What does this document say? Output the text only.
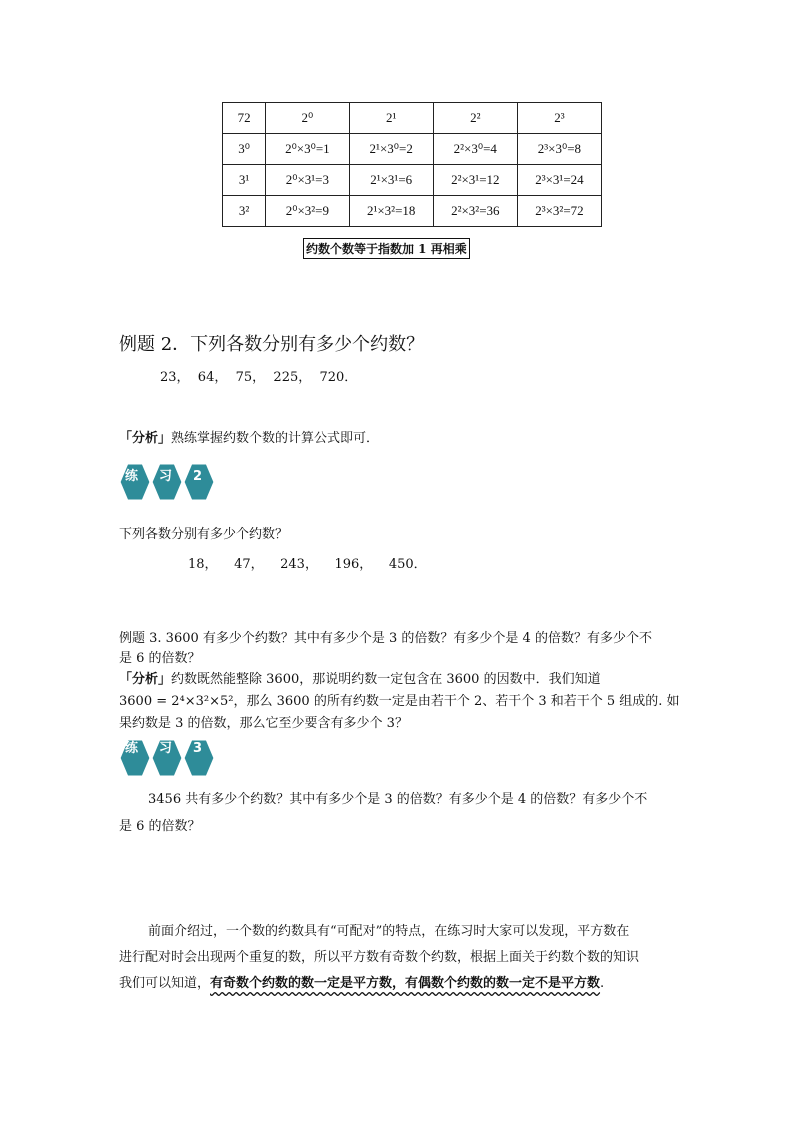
72	2⁰	2¹	2²	2³
3⁰	2⁰×3⁰=1	2¹×3⁰=2	2²×3⁰=4	2³×3⁰=8
3¹	2⁰×3¹=3	2¹×3¹=6	2²×3¹=12	2³×3¹=24
3²	2⁰×3²=9	2¹×3²=18	2²×3²=36	2³×3²=72
约数个数等于指数加 1 再相乘
例题 2．下列各数分别有多少个约数？
23，  64，  75，  225，  720．
「分析」熟练掌握约数个数的计算公式即可．
练 习 2
下列各数分别有多少个约数？
18，    47，    243，    196，    450．
例题 3. 3600 有多少个约数？其中有多少个是 3 的倍数？有多少个是 4 的倍数？有多少个不
是 6 的倍数？
「分析」约数既然能整除 3600，那说明约数一定包含在 3600 的因数中．我们知道
3600 = 2⁴×3²×5²，那么 3600 的所有约数一定是由若干个 2、若干个 3 和若干个 5 组成的. 如
果约数是 3 的倍数，那么它至少要含有多少个 3？
练 习 3
3456 共有多少个约数？其中有多少个是 3 的倍数？有多少个是 4 的倍数？有多少个不
是 6 的倍数？
前面介绍过，一个数的约数具有“可配对”的特点，在练习时大家可以发现，平方数在
进行配对时会出现两个重复的数，所以平方数有奇数个约数，根据上面关于约数个数的知识
我们可以知道，有奇数个约数的数一定是平方数，有偶数个约数的数一定不是平方数.
